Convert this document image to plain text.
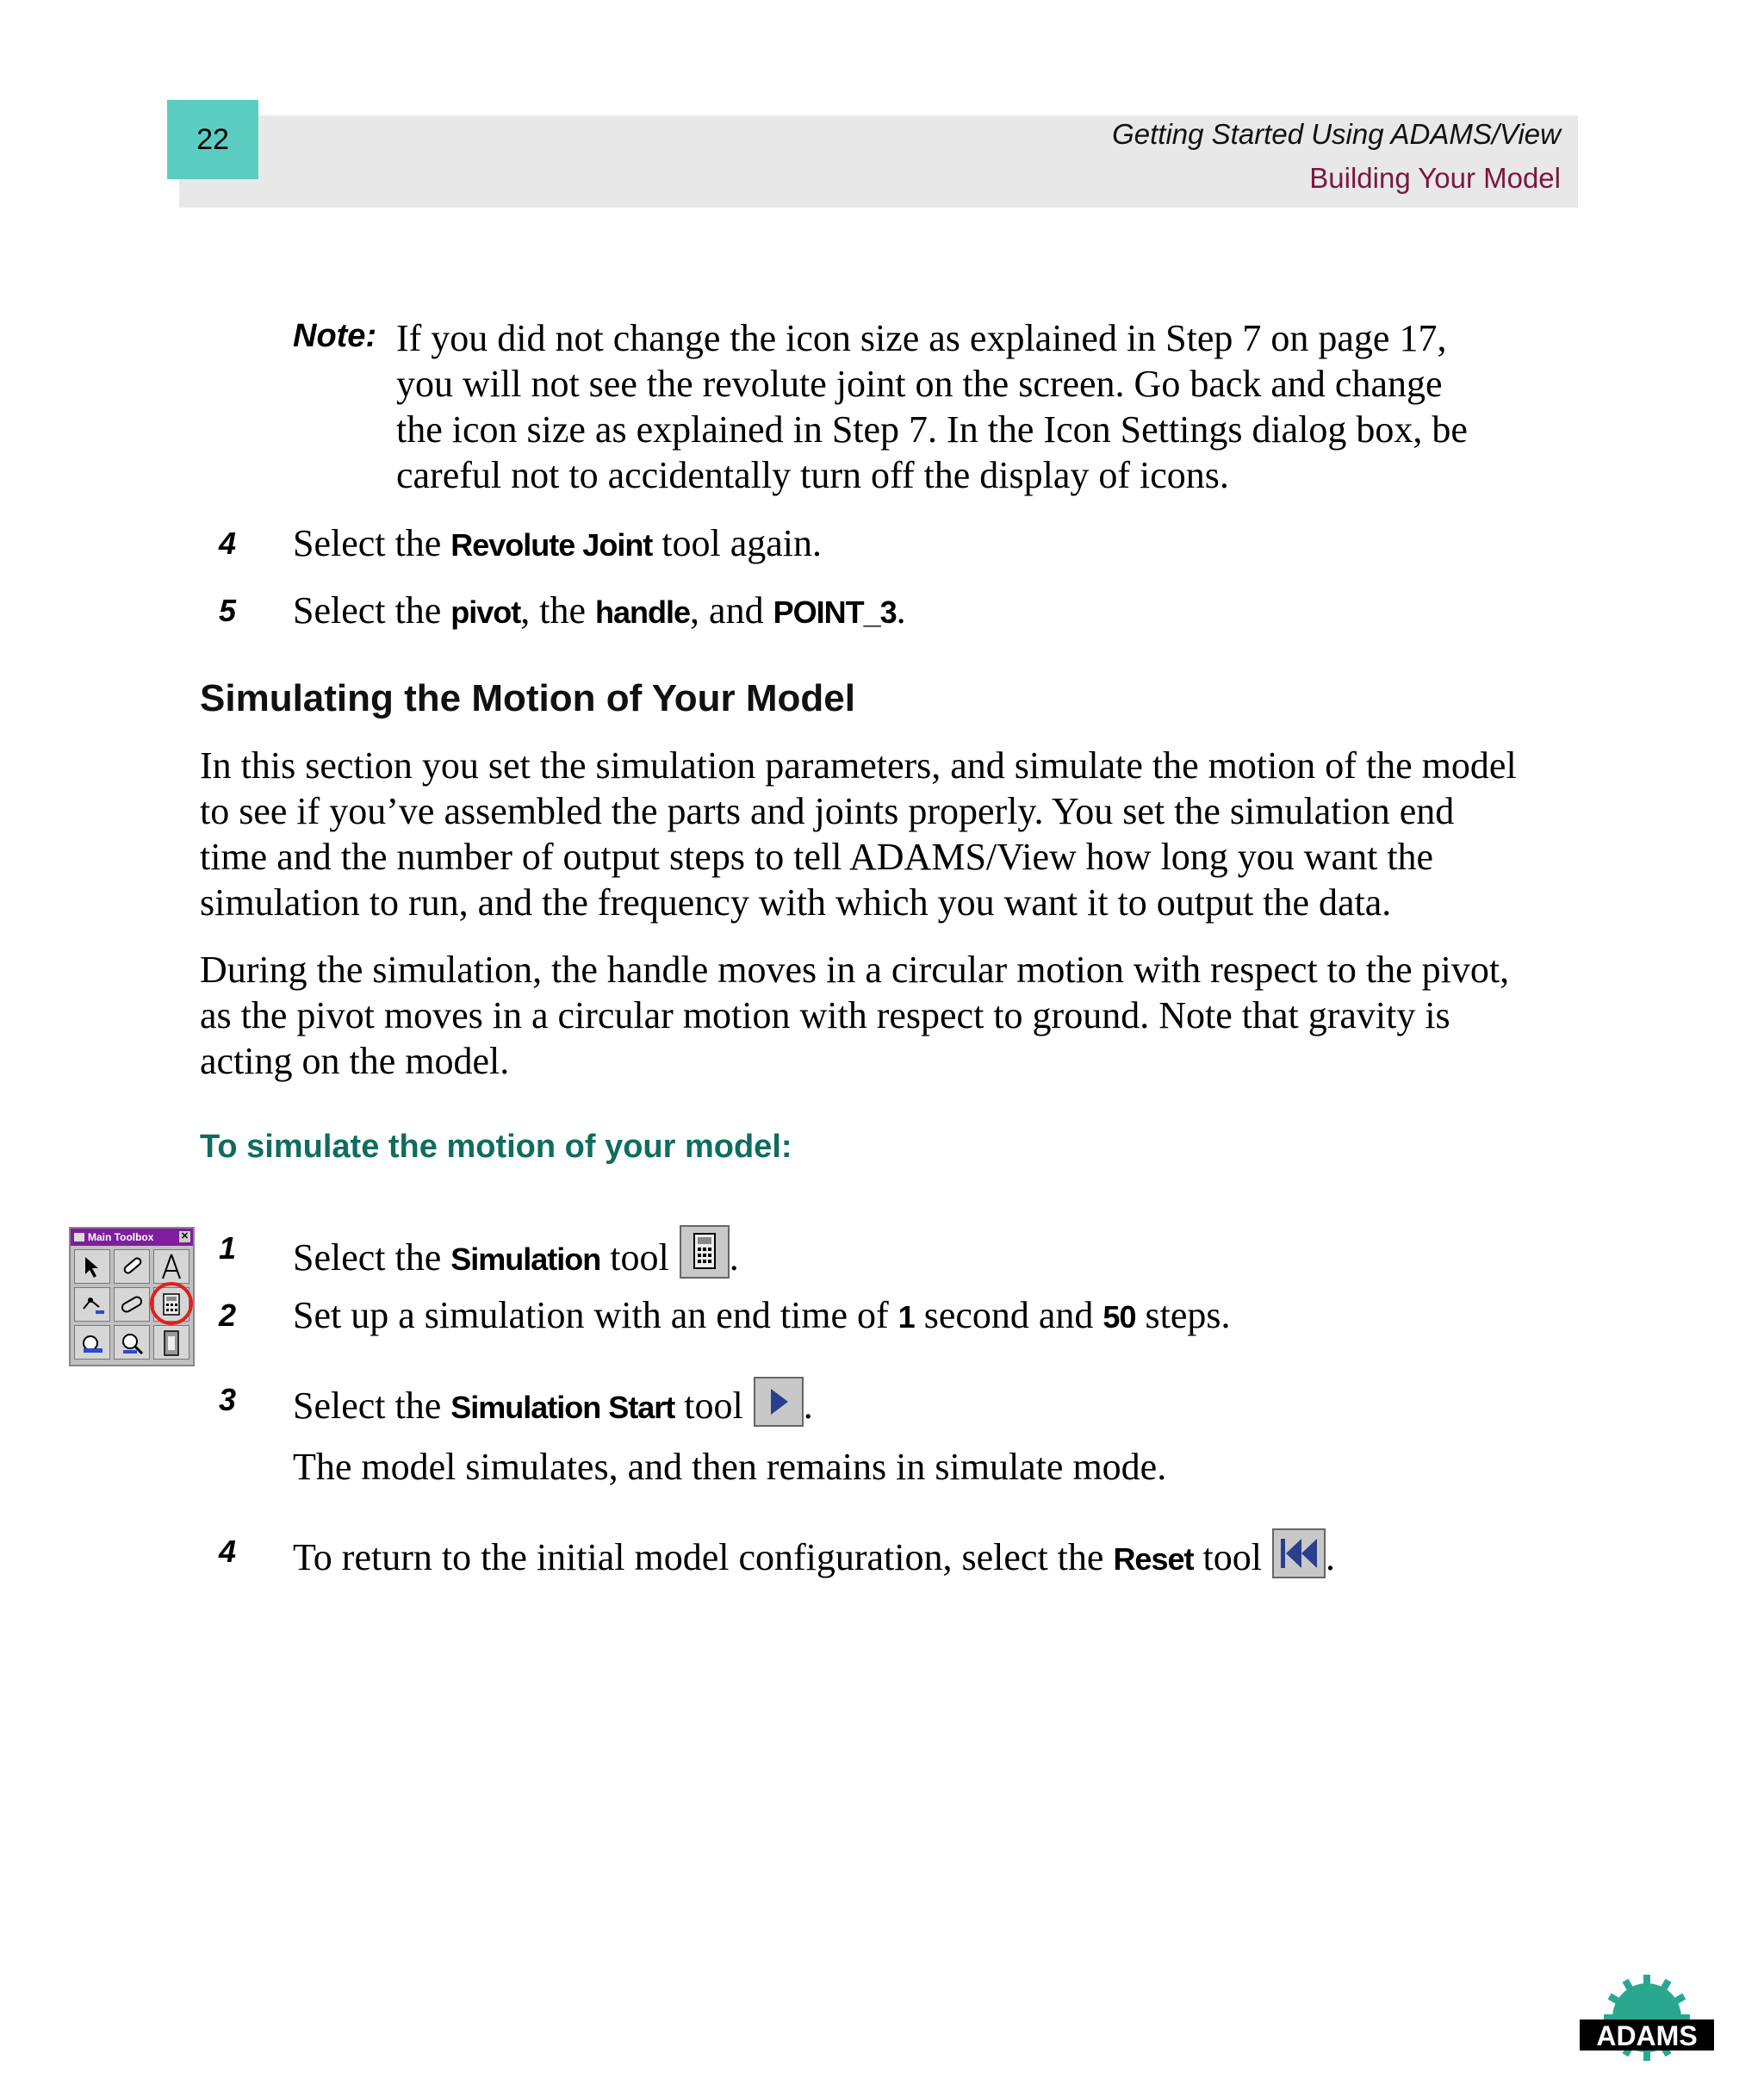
22	Getting Started Using ADAMS/View
Building Your Model
Note: If you did not change the icon size as explained in Step 7 on page 17,
you will not see the revolute joint on the screen. Go back and change
the icon size as explained in Step 7. In the Icon Settings dialog box, be
careful not to accidentally turn off the display of icons.
4 Select the Revolute Joint tool again.
5 Select the pivot, the handle, and POINT_3.
Simulating the Motion of Your Model
In this section you set the simulation parameters, and simulate the motion of the model
to see if you’ve assembled the parts and joints properly. You set the simulation end
time and the number of output steps to tell ADAMS/View how long you want the
simulation to run, and the frequency with which you want it to output the data.
During the simulation, the handle moves in a circular motion with respect to the pivot,
as the pivot moves in a circular motion with respect to ground. Note that gravity is
acting on the model.
To simulate the motion of your model:
Main Toolbox	✕ 1 Select the Simulation tool .
2 Set up a simulation with an end time of 1 second and 50 steps.
3 Select the Simulation Start tool .
The model simulates, and then remains in simulate mode.
4 To return to the initial model configuration, select the Reset tool .
ADAMS
